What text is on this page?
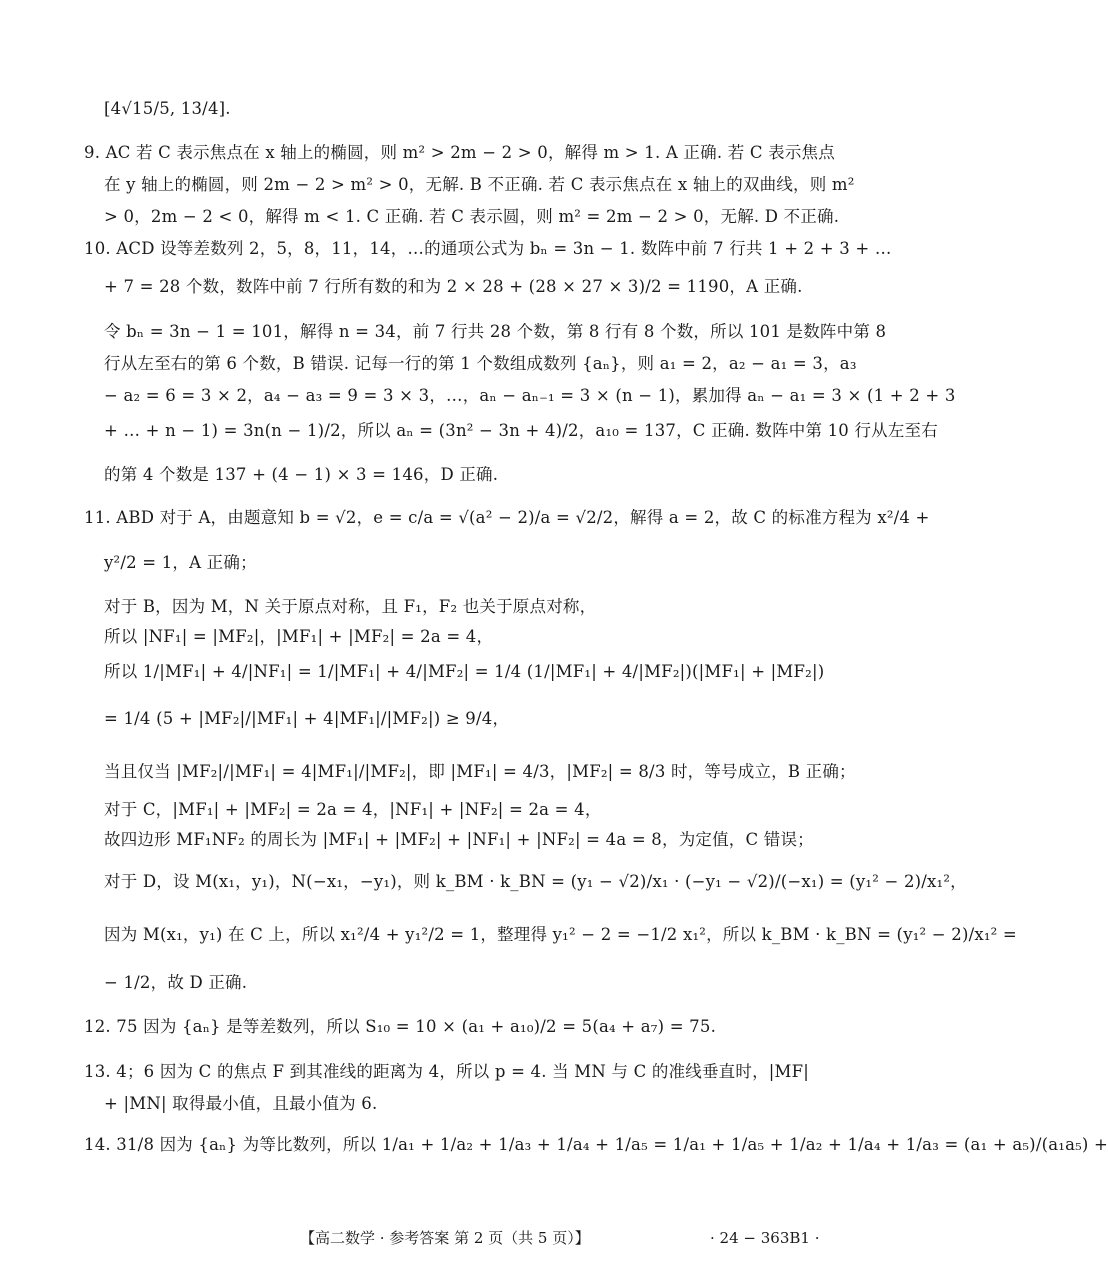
[4√15/5, 13/4].
9. AC 若 C 表示焦点在 x 轴上的椭圆，则 m² > 2m − 2 > 0，解得 m > 1. A 正确. 若 C 表示焦点
在 y 轴上的椭圆，则 2m − 2 > m² > 0，无解. B 不正确. 若 C 表示焦点在 x 轴上的双曲线，则 m²
> 0，2m − 2 < 0，解得 m < 1. C 正确. 若 C 表示圆，则 m² = 2m − 2 > 0，无解. D 不正确.
10. ACD 设等差数列 2，5，8，11，14，…的通项公式为 bₙ = 3n − 1. 数阵中前 7 行共 1 + 2 + 3 + …
+ 7 = 28 个数，数阵中前 7 行所有数的和为 2 × 28 + (28 × 27 × 3)/2 = 1190，A 正确.
令 bₙ = 3n − 1 = 101，解得 n = 34，前 7 行共 28 个数，第 8 行有 8 个数，所以 101 是数阵中第 8
行从左至右的第 6 个数，B 错误. 记每一行的第 1 个数组成数列 {aₙ}，则 a₁ = 2，a₂ − a₁ = 3，a₃
− a₂ = 6 = 3 × 2，a₄ − a₃ = 9 = 3 × 3，…，aₙ − aₙ₋₁ = 3 × (n − 1)，累加得 aₙ − a₁ = 3 × (1 + 2 + 3
+ … + n − 1) = 3n(n − 1)/2，所以 aₙ = (3n² − 3n + 4)/2，a₁₀ = 137，C 正确. 数阵中第 10 行从左至右
的第 4 个数是 137 + (4 − 1) × 3 = 146，D 正确.
11. ABD 对于 A，由题意知 b = √2，e = c/a = √(a² − 2)/a = √2/2，解得 a = 2，故 C 的标准方程为 x²/4 +
y²/2 = 1，A 正确；
对于 B，因为 M，N 关于原点对称，且 F₁，F₂ 也关于原点对称，
所以 |NF₁| = |MF₂|，|MF₁| + |MF₂| = 2a = 4，
所以 1/|MF₁| + 4/|NF₁| = 1/|MF₁| + 4/|MF₂| = 1/4 (1/|MF₁| + 4/|MF₂|)(|MF₁| + |MF₂|)
= 1/4 (5 + |MF₂|/|MF₁| + 4|MF₁|/|MF₂|) ≥ 9/4，
当且仅当 |MF₂|/|MF₁| = 4|MF₁|/|MF₂|，即 |MF₁| = 4/3，|MF₂| = 8/3 时，等号成立，B 正确；
对于 C，|MF₁| + |MF₂| = 2a = 4，|NF₁| + |NF₂| = 2a = 4，
故四边形 MF₁NF₂ 的周长为 |MF₁| + |MF₂| + |NF₁| + |NF₂| = 4a = 8，为定值，C 错误；
对于 D，设 M(x₁，y₁)，N(−x₁，−y₁)，则 k_BM · k_BN = (y₁ − √2)/x₁ · (−y₁ − √2)/(−x₁) = (y₁² − 2)/x₁²，
因为 M(x₁，y₁) 在 C 上，所以 x₁²/4 + y₁²/2 = 1，整理得 y₁² − 2 = −1/2 x₁²，所以 k_BM · k_BN = (y₁² − 2)/x₁² =
− 1/2，故 D 正确.
12. 75 因为 {aₙ} 是等差数列，所以 S₁₀ = 10 × (a₁ + a₁₀)/2 = 5(a₄ + a₇) = 75.
13. 4；6 因为 C 的焦点 F 到其准线的距离为 4，所以 p = 4. 当 MN 与 C 的准线垂直时，|MF|
+ |MN| 取得最小值，且最小值为 6.
14. 31/8 因为 {aₙ} 为等比数列，所以 1/a₁ + 1/a₂ + 1/a₃ + 1/a₄ + 1/a₅ = 1/a₁ + 1/a₅ + 1/a₂ + 1/a₄ + 1/a₃ = (a₁ + a₅)/(a₁a₅) +
【高二数学 · 参考答案 第 2 页（共 5 页）】	· 24 − 363B1 ·
